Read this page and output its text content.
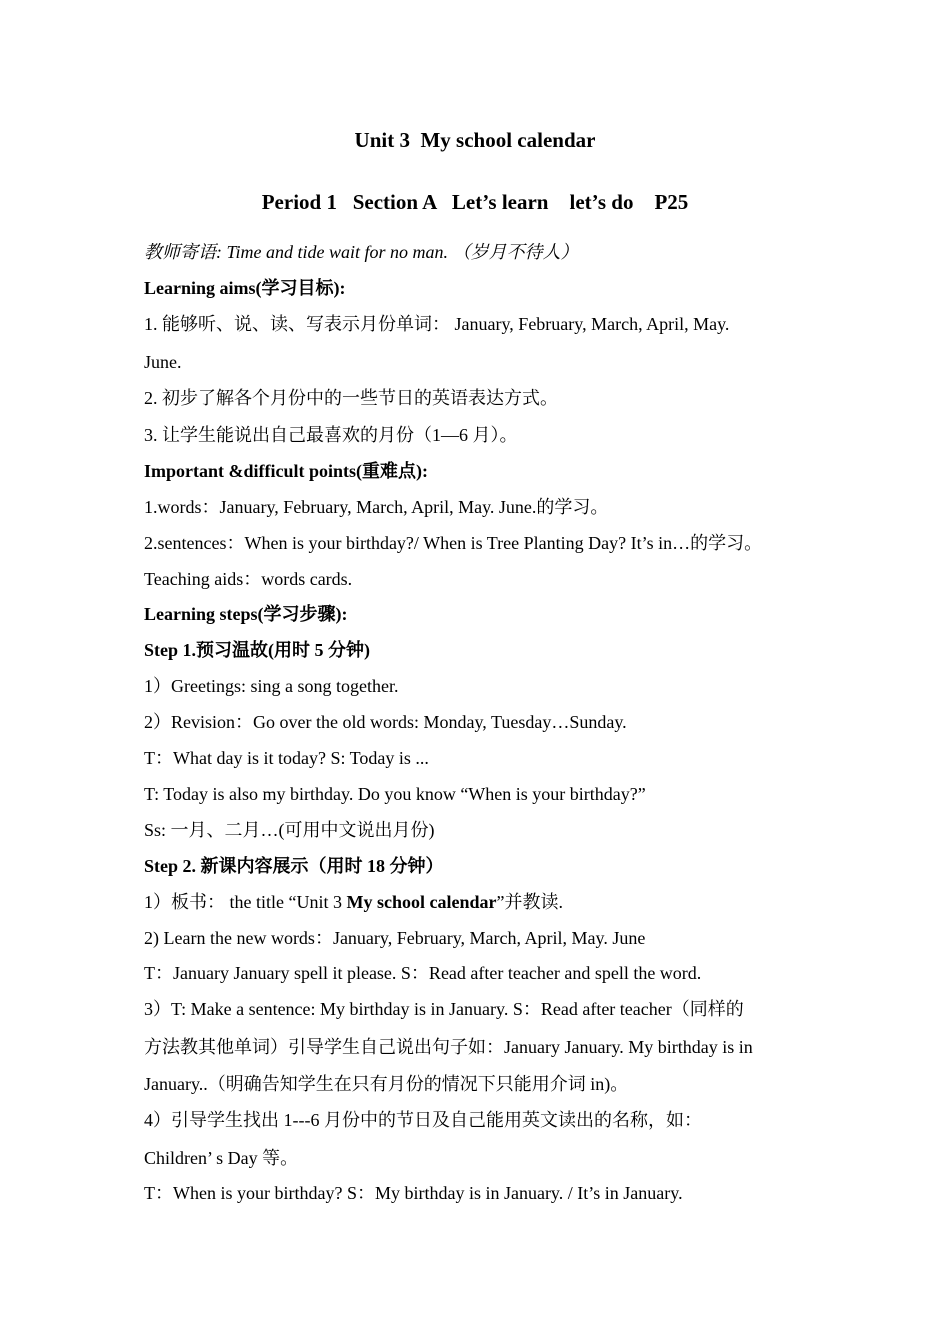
Unit 3  My school calendar
Period 1   Section A   Let’s learn    let’s do    P25
教师寄语: Time and tide wait for no man. （岁月不待人）
Learning aims(学习目标):
1. 能够听、说、读、写表示月份单词： January, February, March, April, May.
June.
2. 初步了解各个月份中的一些节日的英语表达方式。
3. 让学生能说出自己最喜欢的月份（1—6 月）。
Important &difficult points(重难点):
1.words：January, February, March, April, May. June.的学习。
2.sentences：When is your birthday?/ When is Tree Planting Day? It’s in…的学习。
Teaching aids：words cards.
Learning steps(学习步骤):
Step 1.预习温故(用时 5 分钟)
1）Greetings: sing a song together.
2）Revision：Go over the old words: Monday, Tuesday…Sunday.
T：What day is it today? S: Today is ...
T: Today is also my birthday. Do you know “When is your birthday?”
Ss: 一月、二月…(可用中文说出月份)
Step 2. 新课内容展示（用时 18 分钟）
1）板书： the title “Unit 3 My school calendar”并教读.
2) Learn the new words：January, February, March, April, May. June
T：January January spell it please. S：Read after teacher and spell the word.
3）T: Make a sentence: My birthday is in January. S：Read after teacher（同样的
方法教其他单词）引导学生自己说出句子如：January January. My birthday is in
January..（明确告知学生在只有月份的情况下只能用介词 in)。
4）引导学生找出 1---6 月份中的节日及自己能用英文读出的名称，如：
Children’ s Day 等。
T：When is your birthday? S：My birthday is in January. / It’s in January.
